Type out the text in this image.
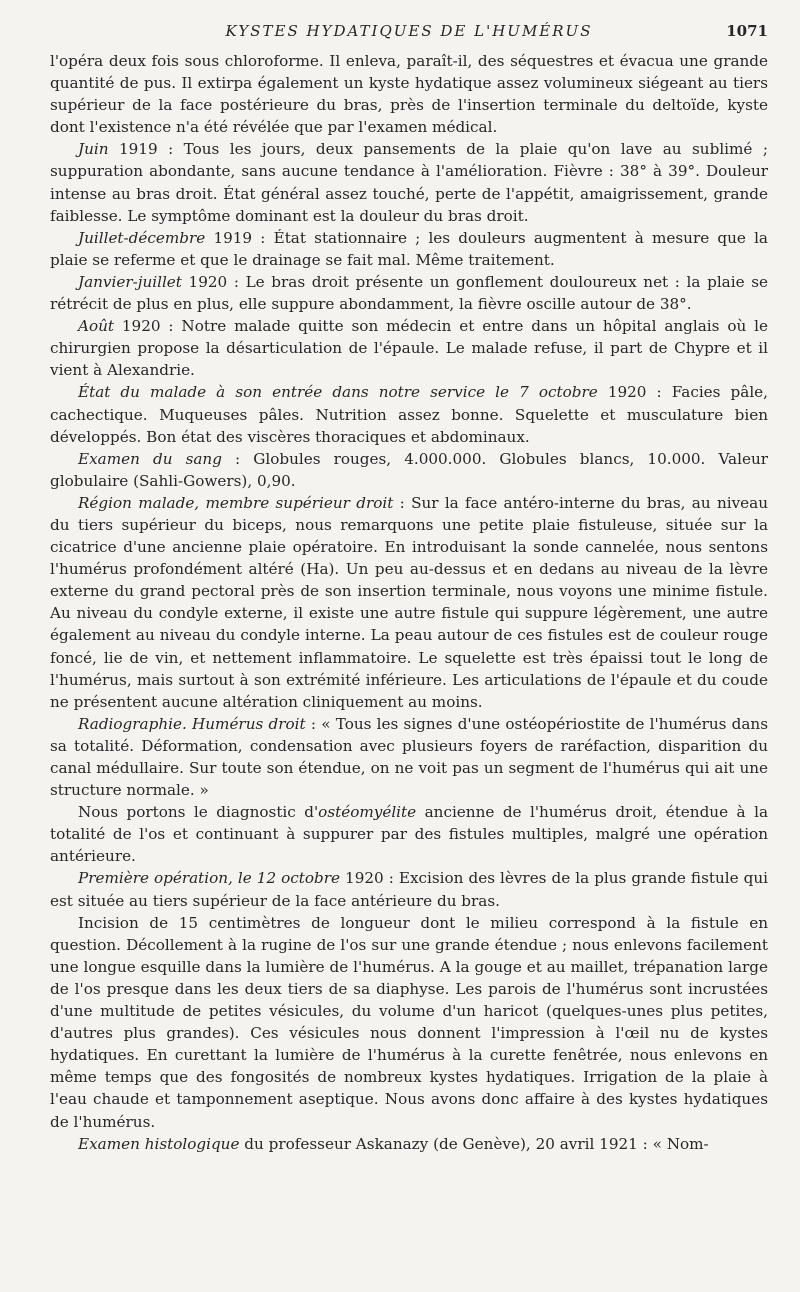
KYSTES HYDATIQUES DE L'HUMÉRUS	1071

l'opéra deux fois sous chloroforme. Il enleva, paraît-il, des séquestres et évacua une grande quantité de pus. Il extirpa également un kyste hydatique assez volumineux siégeant au tiers supérieur de la face postérieure du bras, près de l'insertion terminale du deltoïde, kyste dont l'existence n'a été révélée que par l'examen médical.

Juin 1919 : Tous les jours, deux pansements de la plaie qu'on lave au sublimé ; suppuration abondante, sans aucune tendance à l'amélioration. Fièvre : 38° à 39°. Douleur intense au bras droit. État général assez touché, perte de l'appétit, amaigrissement, grande faiblesse. Le symptôme dominant est la douleur du bras droit.

Juillet-décembre 1919 : État stationnaire ; les douleurs augmentent à mesure que la plaie se referme et que le drainage se fait mal. Même traitement.

Janvier-juillet 1920 : Le bras droit présente un gonflement douloureux net : la plaie se rétrécit de plus en plus, elle suppure abondamment, la fièvre oscille autour de 38°.

Août 1920 : Notre malade quitte son médecin et entre dans un hôpital anglais où le chirurgien propose la désarticulation de l'épaule. Le malade refuse, il part de Chypre et il vient à Alexandrie.

État du malade à son entrée dans notre service le 7 octobre 1920 : Facies pâle, cachectique. Muqueuses pâles. Nutrition assez bonne. Squelette et musculature bien développés. Bon état des viscères thoraciques et abdominaux.

Examen du sang : Globules rouges, 4.000.000. Globules blancs, 10.000. Valeur globulaire (Sahli-Gowers), 0,90.

Région malade, membre supérieur droit : Sur la face antéro-interne du bras, au niveau du tiers supérieur du biceps, nous remarquons une petite plaie fistuleuse, située sur la cicatrice d'une ancienne plaie opératoire. En introduisant la sonde cannelée, nous sentons l'humérus profondément altéré (Ha). Un peu au-dessus et en dedans au niveau de la lèvre externe du grand pectoral près de son insertion terminale, nous voyons une minime fistule. Au niveau du condyle externe, il existe une autre fistule qui suppure légèrement, une autre également au niveau du condyle interne. La peau autour de ces fistules est de couleur rouge foncé, lie de vin, et nettement inflammatoire. Le squelette est très épaissi tout le long de l'humérus, mais surtout à son extrémité inférieure. Les articulations de l'épaule et du coude ne présentent aucune altération cliniquement au moins.

Radiographie. Humérus droit : « Tous les signes d'une ostéopériostite de l'humérus dans sa totalité. Déformation, condensation avec plusieurs foyers de raréfaction, disparition du canal médullaire. Sur toute son étendue, on ne voit pas un segment de l'humérus qui ait une structure normale. »

Nous portons le diagnostic d'ostéomyélite ancienne de l'humérus droit, étendue à la totalité de l'os et continuant à suppurer par des fistules multiples, malgré une opération antérieure.

Première opération, le 12 octobre 1920 : Excision des lèvres de la plus grande fistule qui est située au tiers supérieur de la face antérieure du bras.

Incision de 15 centimètres de longueur dont le milieu correspond à la fistule en question. Décollement à la rugine de l'os sur une grande étendue ; nous enlevons facilement une longue esquille dans la lumière de l'humérus. A la gouge et au maillet, trépanation large de l'os presque dans les deux tiers de sa diaphyse. Les parois de l'humérus sont incrustées d'une multitude de petites vésicules, du volume d'un haricot (quelques-unes plus petites, d'autres plus grandes). Ces vésicules nous donnent l'impression à l'œil nu de kystes hydatiques. En curettant la lumière de l'humérus à la curette fenêtrée, nous enlevons en même temps que des fongosités de nombreux kystes hydatiques. Irrigation de la plaie à l'eau chaude et tamponnement aseptique. Nous avons donc affaire à des kystes hydatiques de l'humérus.

Examen histologique du professeur Askanazy (de Genève), 20 avril 1921 : « Nom-
